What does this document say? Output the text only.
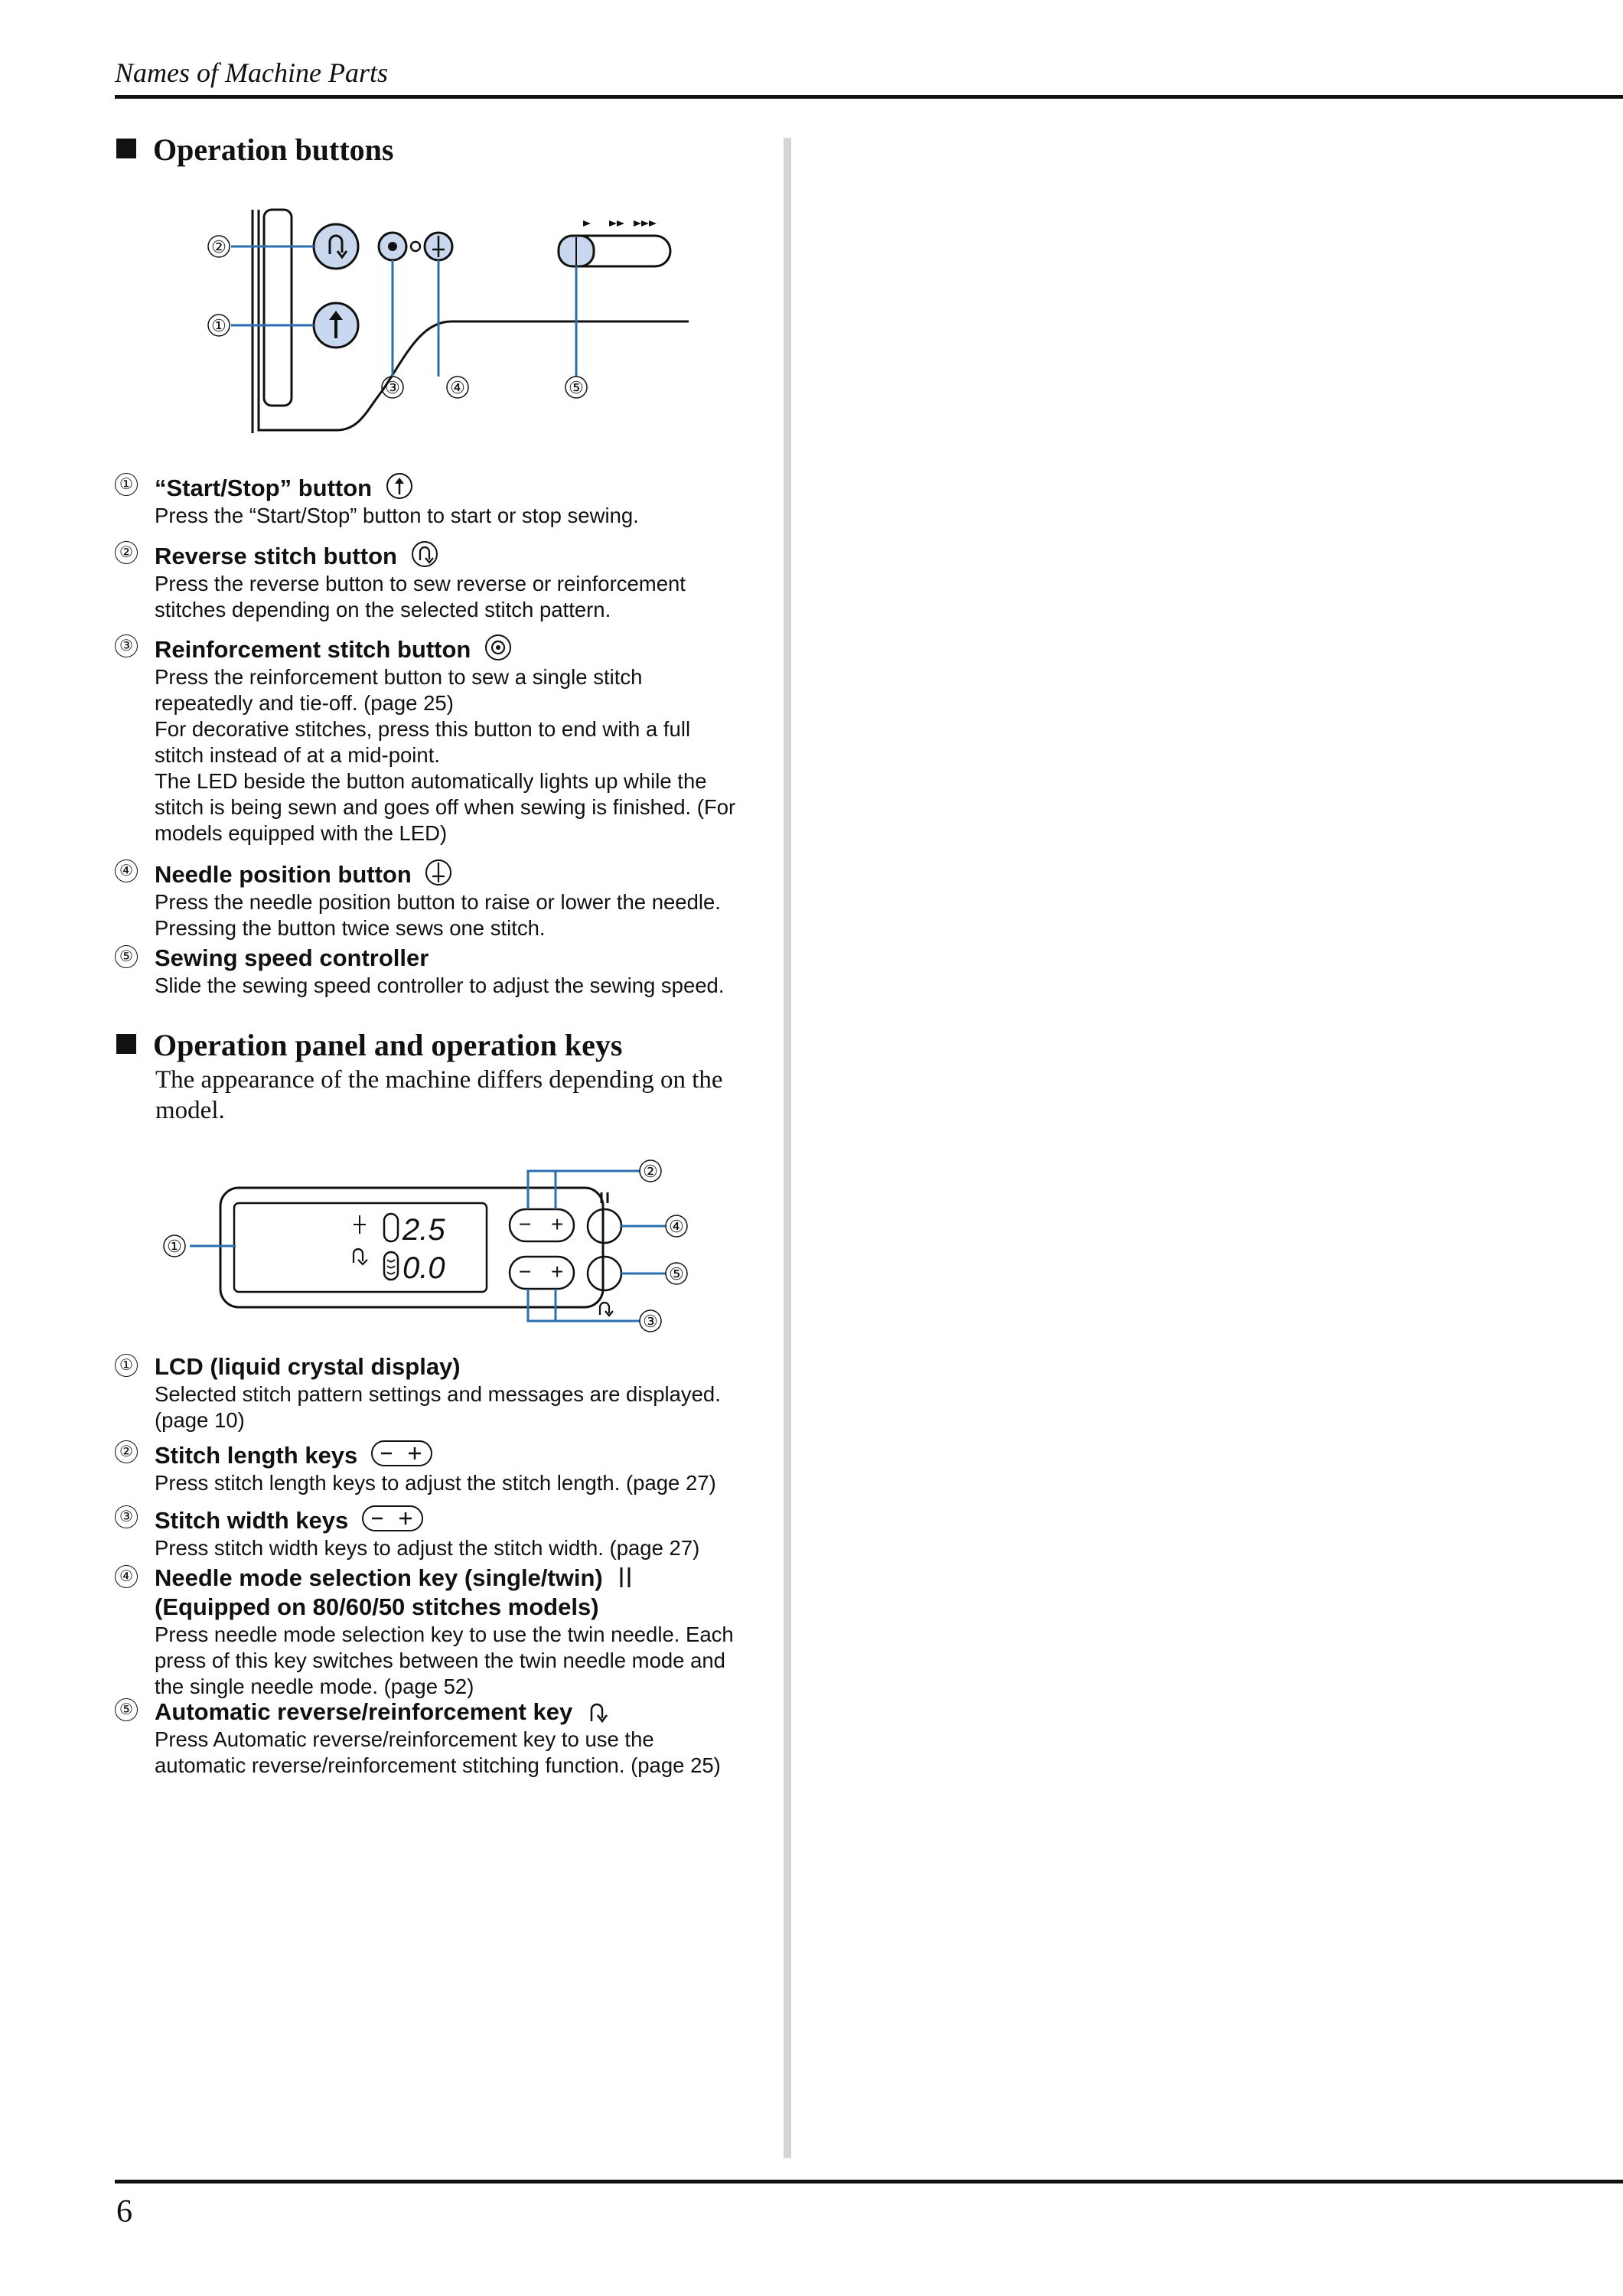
Names of Machine Parts
Operation buttons
②
①
③	④	⑤
① “Start/Stop” button
Press the “Start/Stop” button to start or stop sewing.
② Reverse stitch button
Press the reverse button to sew reverse or reinforcement
stitches depending on the selected stitch pattern.
③ Reinforcement stitch button
Press the reinforcement button to sew a single stitch
repeatedly and tie-off. (page 25)
For decorative stitches, press this button to end with a full
stitch instead of at a mid-point.
The LED beside the button automatically lights up while the
stitch is being sewn and goes off when sewing is finished. (For
models equipped with the LED)
④ Needle position button
Press the needle position button to raise or lower the needle.
Pressing the button twice sews one stitch.
⑤ Sewing speed controller
Slide the sewing speed controller to adjust the sewing speed.
Operation panel and operation keys
The appearance of the machine differs depending on the
model.
2.5
0.0
− +
− +
①
②
③
④
⑤
① LCD (liquid crystal display)
Selected stitch pattern settings and messages are displayed.
(page 10)
② Stitch length keys
Press stitch length keys to adjust the stitch length. (page 27)
③ Stitch width keys
Press stitch width keys to adjust the stitch width. (page 27)
④ Needle mode selection key (single/twin)
(Equipped on 80/60/50 stitches models)
Press needle mode selection key to use the twin needle. Each
press of this key switches between the twin needle mode and
the single needle mode. (page 52)
⑤ Automatic reverse/reinforcement key
Press Automatic reverse/reinforcement key to use the
automatic reverse/reinforcement stitching function. (page 25)
6
